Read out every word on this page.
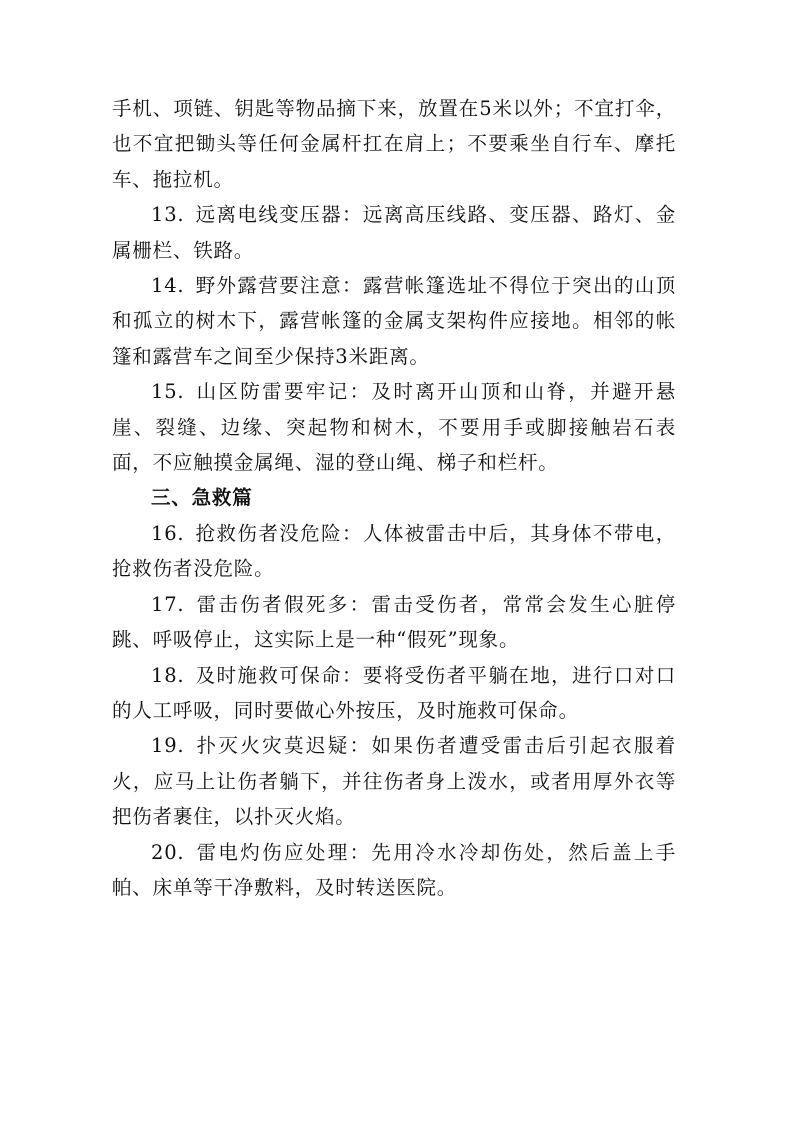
手机、项链、钥匙等物品摘下来，放置在5米以外；不宜打伞，也不宜把锄头等任何金属杆扛在肩上；不要乘坐自行车、摩托车、拖拉机。

13. 远离电线变压器：远离高压线路、变压器、路灯、金属栅栏、铁路。

14. 野外露营要注意：露营帐篷选址不得位于突出的山顶和孤立的树木下，露营帐篷的金属支架构件应接地。相邻的帐篷和露营车之间至少保持3米距离。

15. 山区防雷要牢记：及时离开山顶和山脊，并避开悬崖、裂缝、边缘、突起物和树木，不要用手或脚接触岩石表面，不应触摸金属绳、湿的登山绳、梯子和栏杆。

三、急救篇

16. 抢救伤者没危险：人体被雷击中后，其身体不带电，抢救伤者没危险。

17. 雷击伤者假死多：雷击受伤者，常常会发生心脏停跳、呼吸停止，这实际上是一种“假死”现象。

18. 及时施救可保命：要将受伤者平躺在地，进行口对口的人工呼吸，同时要做心外按压，及时施救可保命。

19. 扑灭火灾莫迟疑：如果伤者遭受雷击后引起衣服着火，应马上让伤者躺下，并往伤者身上泼水，或者用厚外衣等把伤者裹住，以扑灭火焰。

20. 雷电灼伤应处理：先用冷水冷却伤处，然后盖上手帕、床单等干净敷料，及时转送医院。
